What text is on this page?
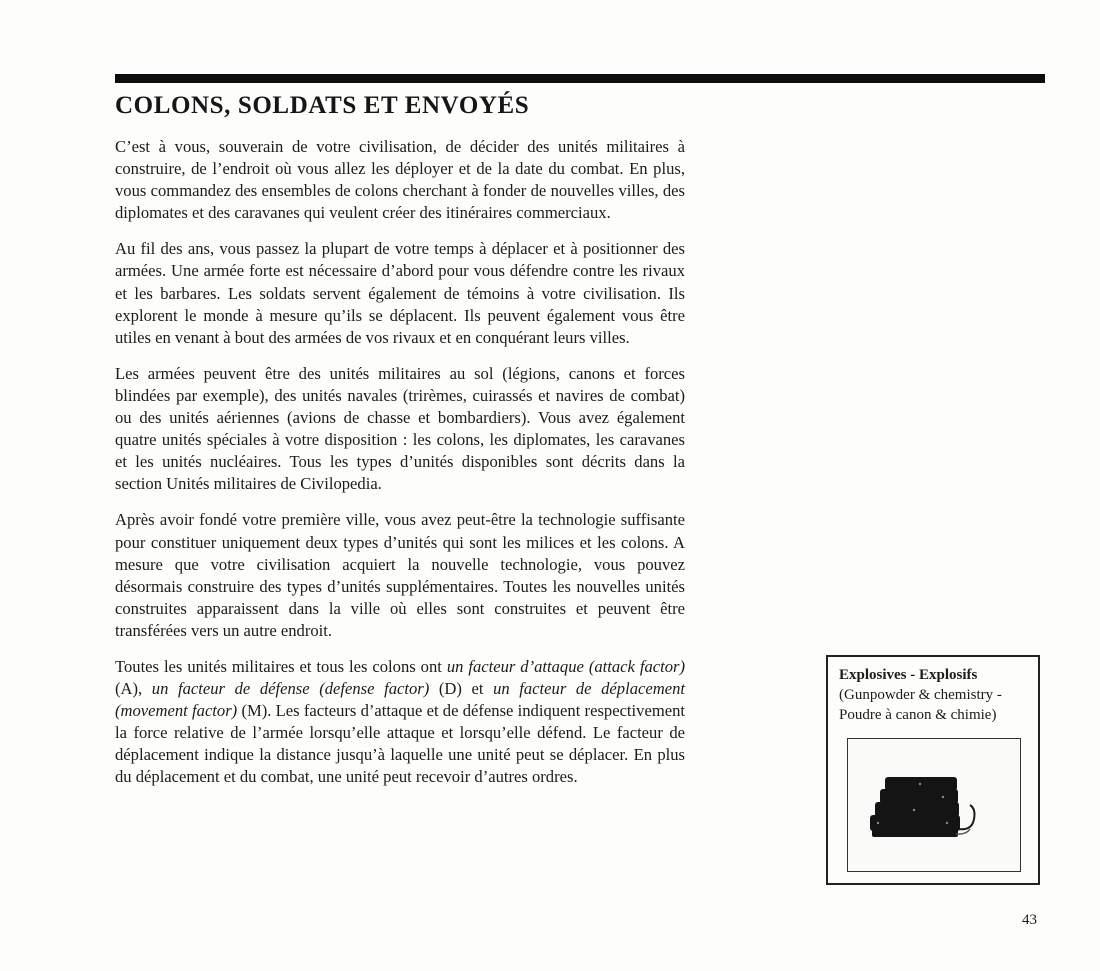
COLONS, SOLDATS ET ENVOYÉS

C’est à vous, souverain de votre civilisation, de décider des unités militaires à construire, de l’endroit où vous allez les déployer et de la date du combat. En plus, vous commandez des ensembles de colons cherchant à fonder de nouvelles villes, des diplomates et des caravanes qui veulent créer des itinéraires commerciaux.

Au fil des ans, vous passez la plupart de votre temps à déplacer et à positionner des armées. Une armée forte est nécessaire d’abord pour vous défendre contre les rivaux et les barbares. Les soldats servent également de témoins à votre civilisation. Ils explorent le monde à mesure qu’ils se déplacent. Ils peuvent également vous être utiles en venant à bout des armées de vos rivaux et en conquérant leurs villes.

Les armées peuvent être des unités militaires au sol (légions, canons et forces blindées par exemple), des unités navales (trirèmes, cuirassés et navires de combat) ou des unités aériennes (avions de chasse et bombardiers). Vous avez également quatre unités spéciales à votre disposition : les colons, les diplomates, les caravanes et les unités nucléaires. Tous les types d’unités disponibles sont décrits dans la section Unités militaires de Civilopedia.

Après avoir fondé votre première ville, vous avez peut-être la technologie suffisante pour constituer uniquement deux types d’unités qui sont les milices et les colons. A mesure que votre civilisation acquiert la nouvelle technologie, vous pouvez désormais construire des types d’unités supplémentaires. Toutes les nouvelles unités construites apparaissent dans la ville où elles sont construites et peuvent être transférées vers un autre endroit.

Toutes les unités militaires et tous les colons ont un facteur d’attaque (attack factor) (A), un facteur de défense (defense factor) (D) et un facteur de déplacement (movement factor) (M). Les facteurs d’attaque et de défense indiquent respectivement la force relative de l’armée lorsqu’elle attaque et lorsqu’elle défend. Le facteur de déplacement indique la distance jusqu’à laquelle une unité peut se déplacer. En plus du déplacement et du combat, une unité peut recevoir d’autres ordres.

Explosives - Explosifs

(Gunpowder & chemistry - Poudre à canon & chimie)

43
